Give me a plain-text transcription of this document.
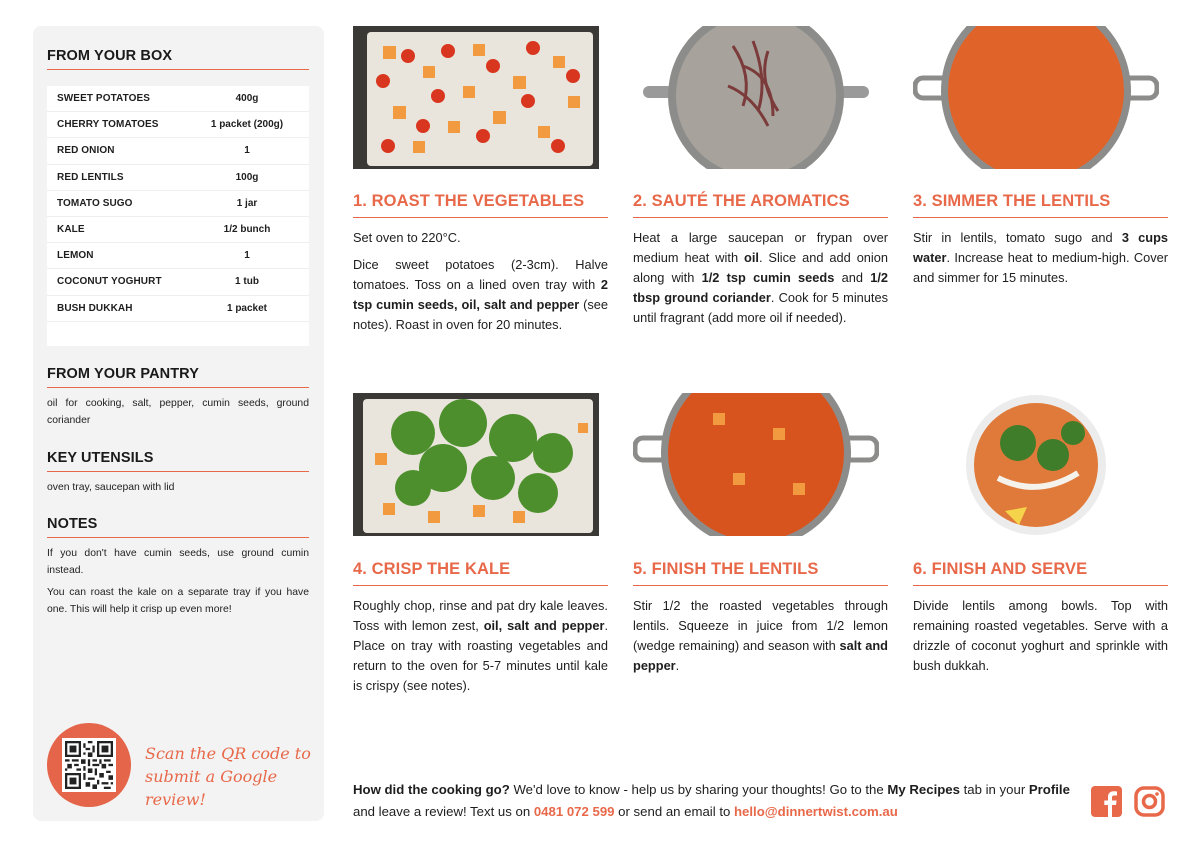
FROM YOUR BOX
SWEET POTATOES	400g
CHERRY TOMATOES	1 packet (200g)
RED ONION	1
RED LENTILS	100g
TOMATO SUGO	1 jar
KALE	1/2 bunch
LEMON	1
COCONUT YOGHURT	1 tub
BUSH DUKKAH	1 packet
FROM YOUR PANTRY
oil for cooking, salt, pepper, cumin seeds, ground coriander
KEY UTENSILS
oven tray, saucepan with lid
NOTES

If you don't have cumin seeds, use ground cumin instead.

You can roast the kale on a separate tray if you have one. This will help it crisp up even more!

Scan the QR code to
submit a Google review!
1. ROAST THE VEGETABLES

Set oven to 220°C.

Dice sweet potatoes (2-3cm). Halve tomatoes. Toss on a lined oven tray with 2 tsp cumin seeds, oil, salt and pepper (see notes). Roast in oven for 20 minutes.

2. SAUTÉ THE AROMATICS

Heat a large saucepan or frypan over medium heat with oil. Slice and add onion along with 1/2 tsp cumin seeds and 1/2 tbsp ground coriander. Cook for 5 minutes until fragrant (add more oil if needed).

3. SIMMER THE LENTILS

Stir in lentils, tomato sugo and 3 cups water. Increase heat to medium-high. Cover and simmer for 15 minutes.

4. CRISP THE KALE

Roughly chop, rinse and pat dry kale leaves. Toss with lemon zest, oil, salt and pepper. Place on tray with roasting vegetables and return to the oven for 5-7 minutes until kale is crispy (see notes).

5. FINISH THE LENTILS

Stir 1/2 the roasted vegetables through lentils. Squeeze in juice from 1/2 lemon (wedge remaining) and season with salt and pepper.

6. FINISH AND SERVE

Divide lentils among bowls. Top with remaining roasted vegetables. Serve with a drizzle of coconut yoghurt and sprinkle with bush dukkah.

How did the cooking go? We'd love to know - help us by sharing your thoughts! Go to the My Recipes tab in your Profile and leave a review! Text us on 0481 072 599 or send an email to hello@dinnertwist.com.au
